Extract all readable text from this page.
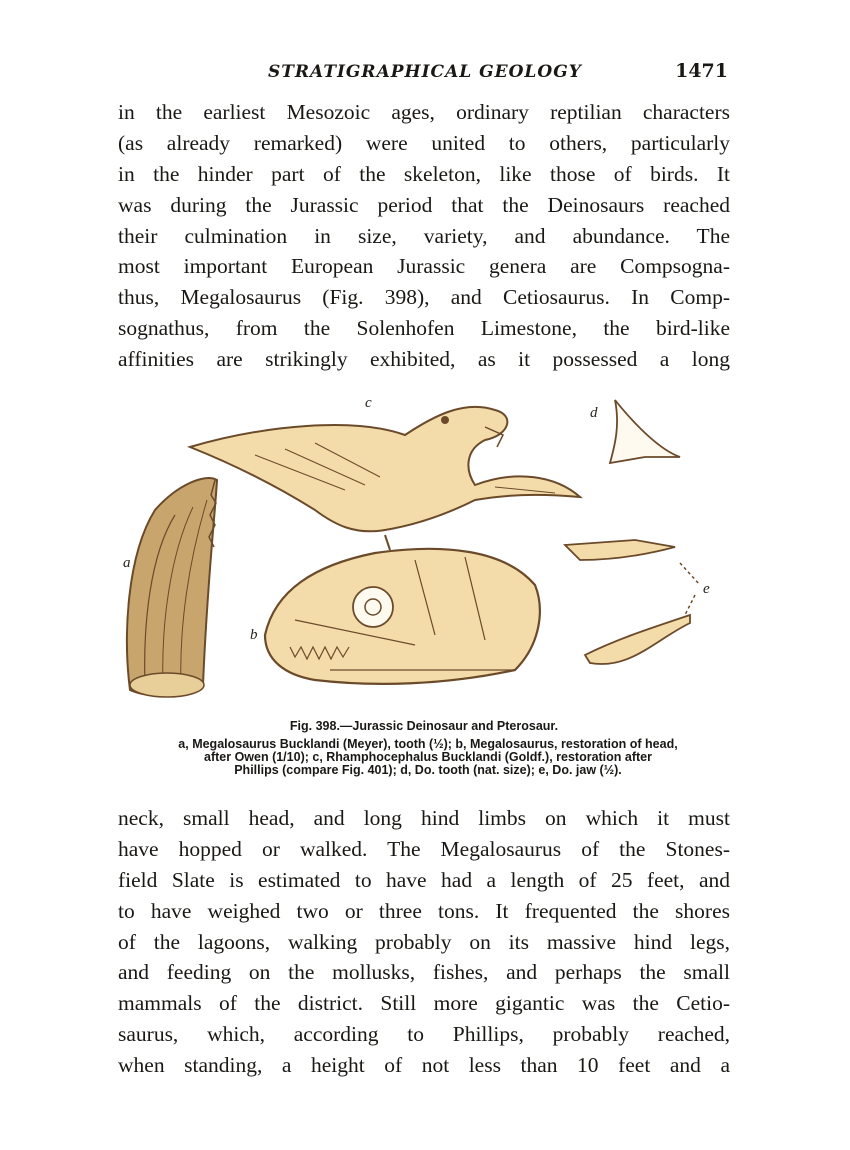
STRATIGRAPHICAL GEOLOGY	1471
in the earliest Mesozoic ages, ordinary reptilian characters
(as already remarked) were united to others, particularly
in the hinder part of the skeleton, like those of birds. It
was during the Jurassic period that the Deinosaurs reached
their culmination in size, variety, and abundance. The
most important European Jurassic genera are Compsogna-
thus, Megalosaurus (Fig. 398), and Cetiosaurus. In Comp-
sognathus, from the Solenhofen Limestone, the bird-like
affinities are strikingly exhibited, as it possessed a long
a
b
c
d
e
Fig. 398.—Jurassic Deinosaur and Pterosaur.
a, Megalosaurus Bucklandi (Meyer), tooth (½); b, Megalosaurus, restoration of head,
after Owen (1/10); c, Rhamphocephalus Bucklandi (Goldf.), restoration after
Phillips (compare Fig. 401); d, Do. tooth (nat. size); e, Do. jaw (½).
neck, small head, and long hind limbs on which it must
have hopped or walked. The Megalosaurus of the Stones-
field Slate is estimated to have had a length of 25 feet, and
to have weighed two or three tons. It frequented the shores
of the lagoons, walking probably on its massive hind legs,
and feeding on the mollusks, fishes, and perhaps the small
mammals of the district. Still more gigantic was the Cetio-
saurus, which, according to Phillips, probably reached,
when standing, a height of not less than 10 feet and a
